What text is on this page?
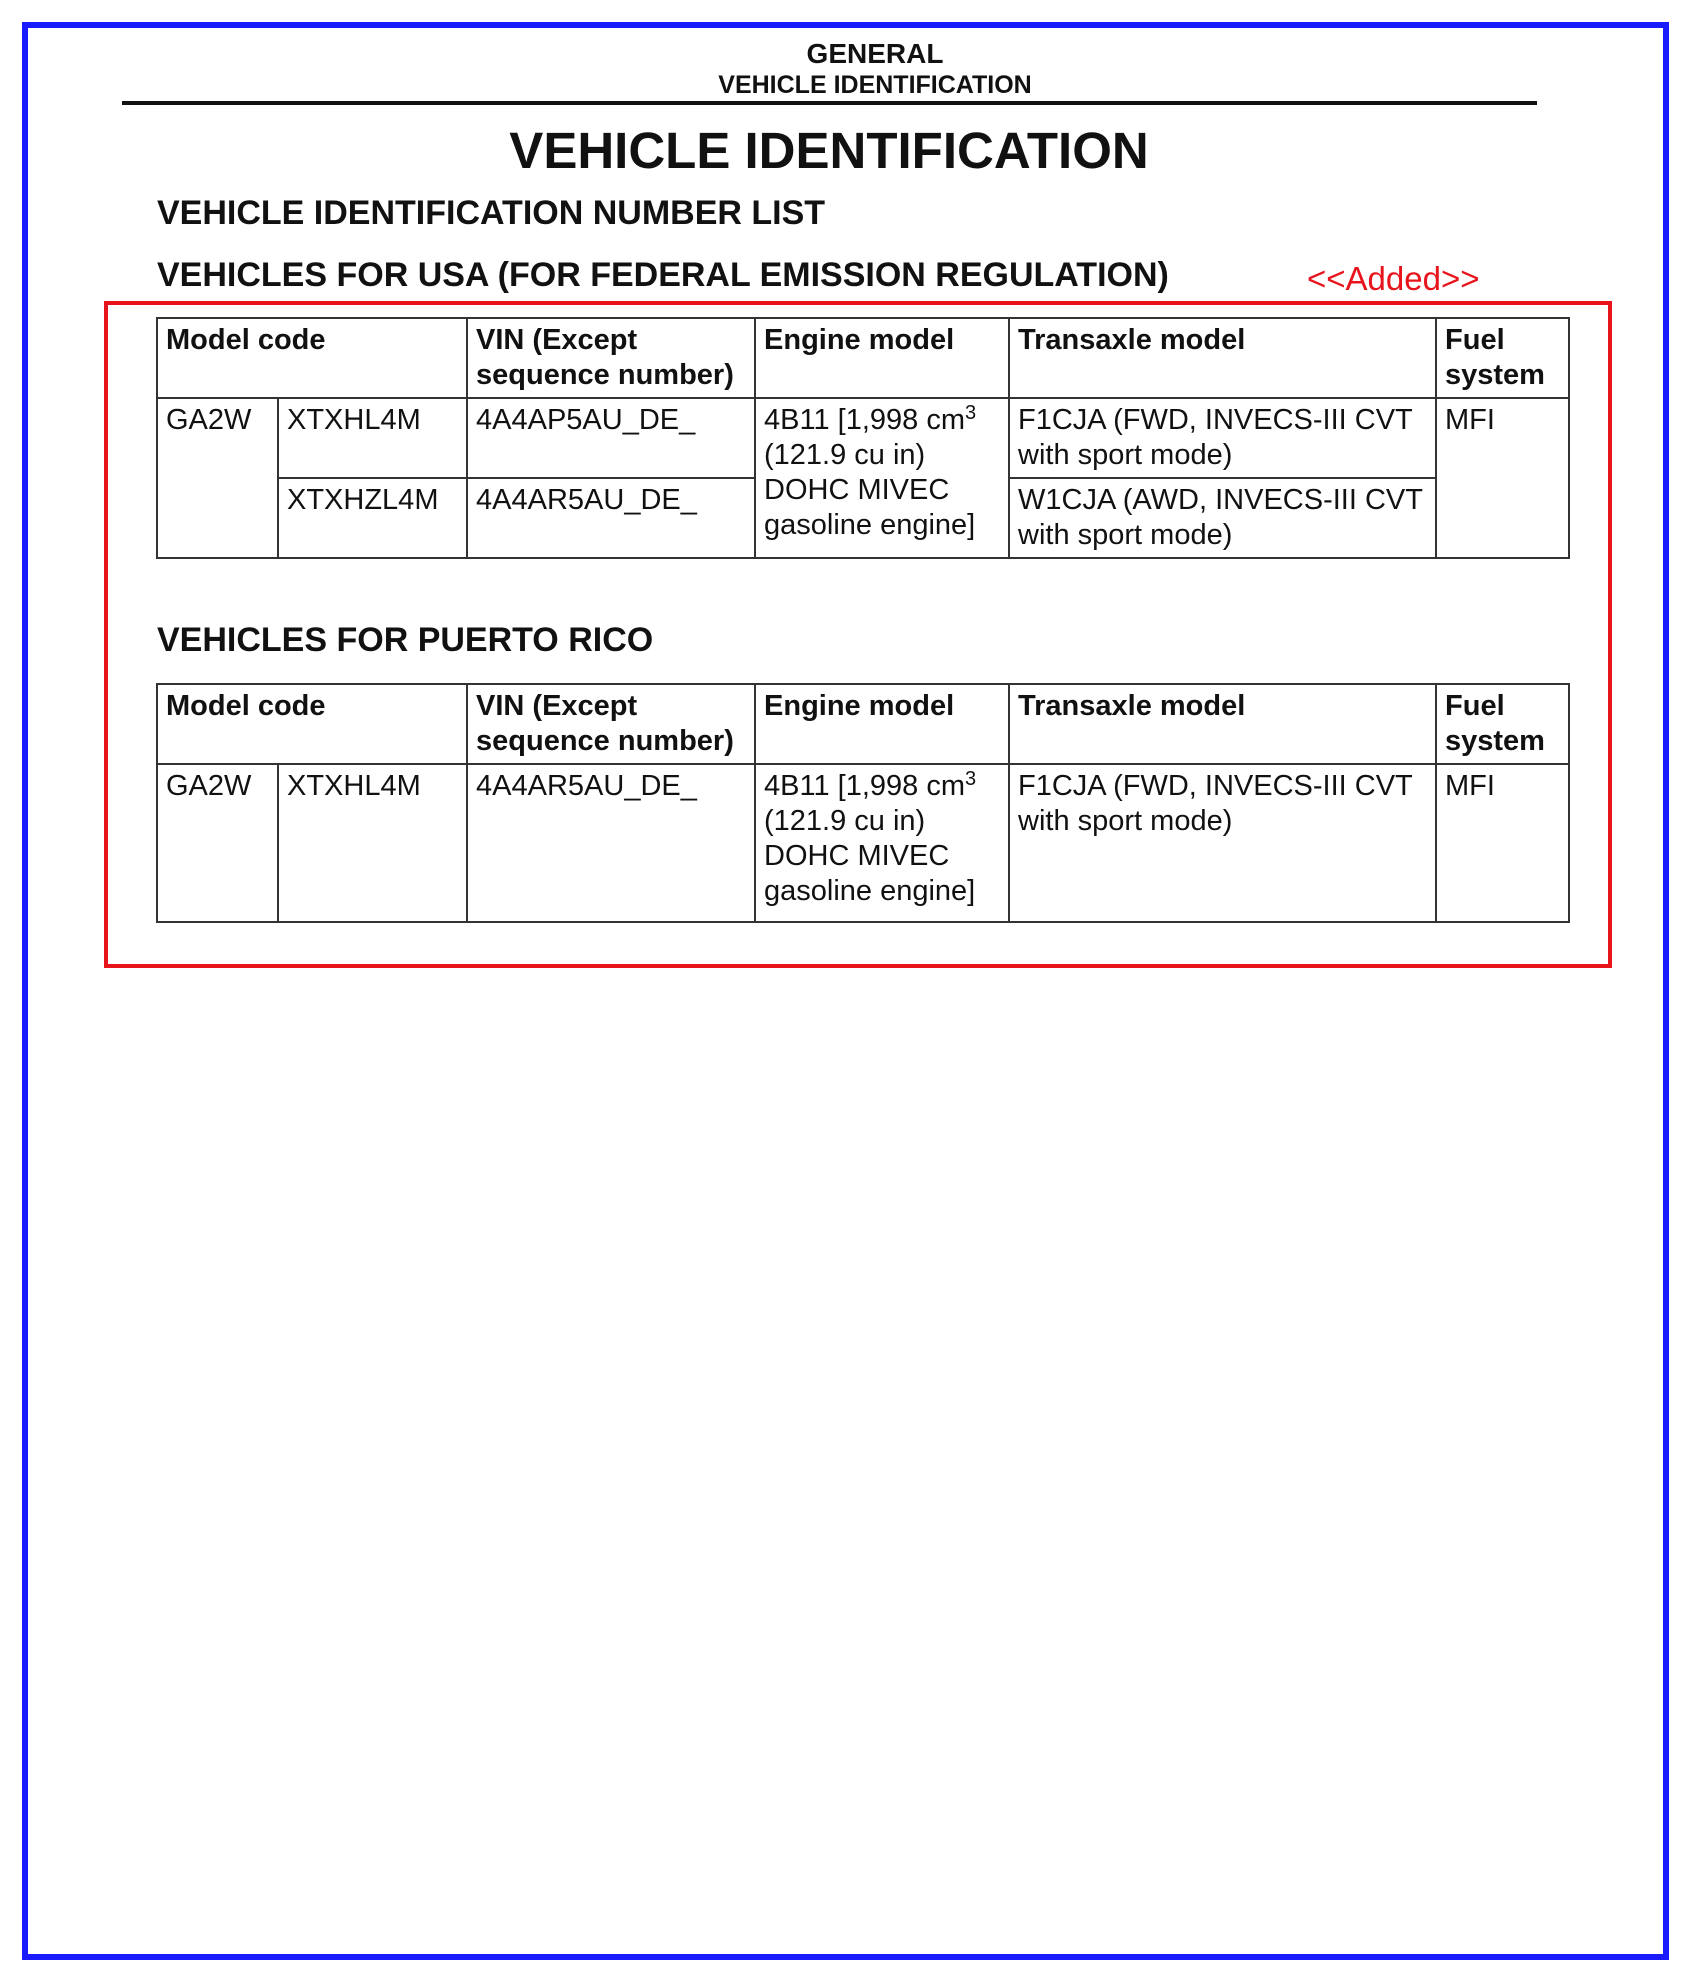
GENERAL
VEHICLE IDENTIFICATION
VEHICLE IDENTIFICATION
VEHICLE IDENTIFICATION NUMBER LIST
VEHICLES FOR USA (FOR FEDERAL EMISSION REGULATION)	<<Added>>
Model code		VIN (Except sequence number)	Engine model	Transaxle model	Fuel system
GA2W	XTXHL4M	4A4AP5AU_DE_	4B11 [1,998 $cm^3$
(121.9 cu in)
DOHC MIVEC
gasoline engine]	F1CJA (FWD, INVECS-III CVT with sport mode)	MFI
	XTXHZL4M	4A4AR5AU_DE_		W1CJA (AWD, INVECS-III CVT with sport mode)	
VEHICLES FOR PUERTO RICO
Model code		VIN (Except sequence number)	Engine model	Transaxle model	Fuel system
GA2W	XTXHL4M	4A4AR5AU_DE_	4B11 [1,998 $cm^3$
(121.9 cu in)
DOHC MIVEC
gasoline engine]	F1CJA (FWD, INVECS-III CVT with sport mode)	MFI
